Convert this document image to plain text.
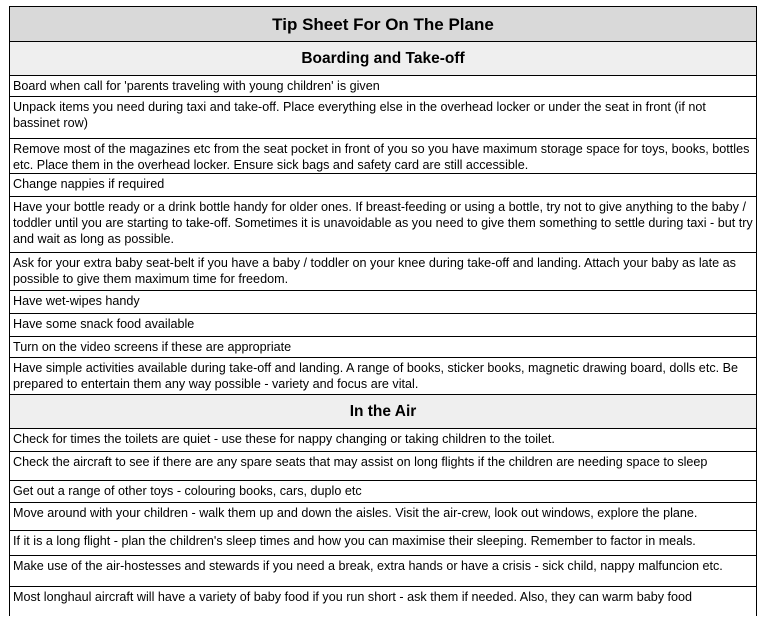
Tip Sheet For On The Plane
Boarding and Take-off
Board when call for 'parents traveling with young children' is given
Unpack items you need during taxi and take-off. Place everything else in the overhead locker or under the seat in front (if not bassinet row)
Remove most of the magazines etc from the seat pocket in front of you so you have maximum storage space for toys, books, bottles etc. Place them in the overhead locker. Ensure sick bags and safety card are still accessible.
Change nappies if required
Have your bottle ready or a drink bottle handy for older ones. If breast-feeding or using a bottle, try not to give anything to the baby / toddler until you are starting to take-off. Sometimes it is unavoidable as you need to give them something to settle during taxi - but try and wait as long as possible.
Ask for your extra baby seat-belt if you have a baby / toddler on your knee during take-off and landing. Attach your baby as late as possible to give them maximum time for freedom.
Have wet-wipes handy
Have some snack food available
Turn on the video screens if these are appropriate
Have simple activities available during take-off and landing. A range of books, sticker books, magnetic drawing board, dolls etc. Be prepared to entertain them any way possible - variety and focus are vital.
In the Air
Check for times the toilets are quiet - use these for nappy changing or taking children to the toilet.
Check the aircraft to see if there are any spare seats that may assist on long flights if the children are needing space to sleep
Get out a range of other toys - colouring books, cars, duplo etc
Move around with your children - walk them up and down the aisles. Visit the air-crew, look out windows, explore the plane.
If it is a long flight - plan the children's sleep times and how you can maximise their sleeping. Remember to factor in meals.
Make use of the air-hostesses and stewards if you need a break, extra hands or have a crisis - sick child, nappy malfuncion etc.
Most longhaul aircraft will have a variety of baby food if you run short - ask them if needed. Also, they can warm baby food
